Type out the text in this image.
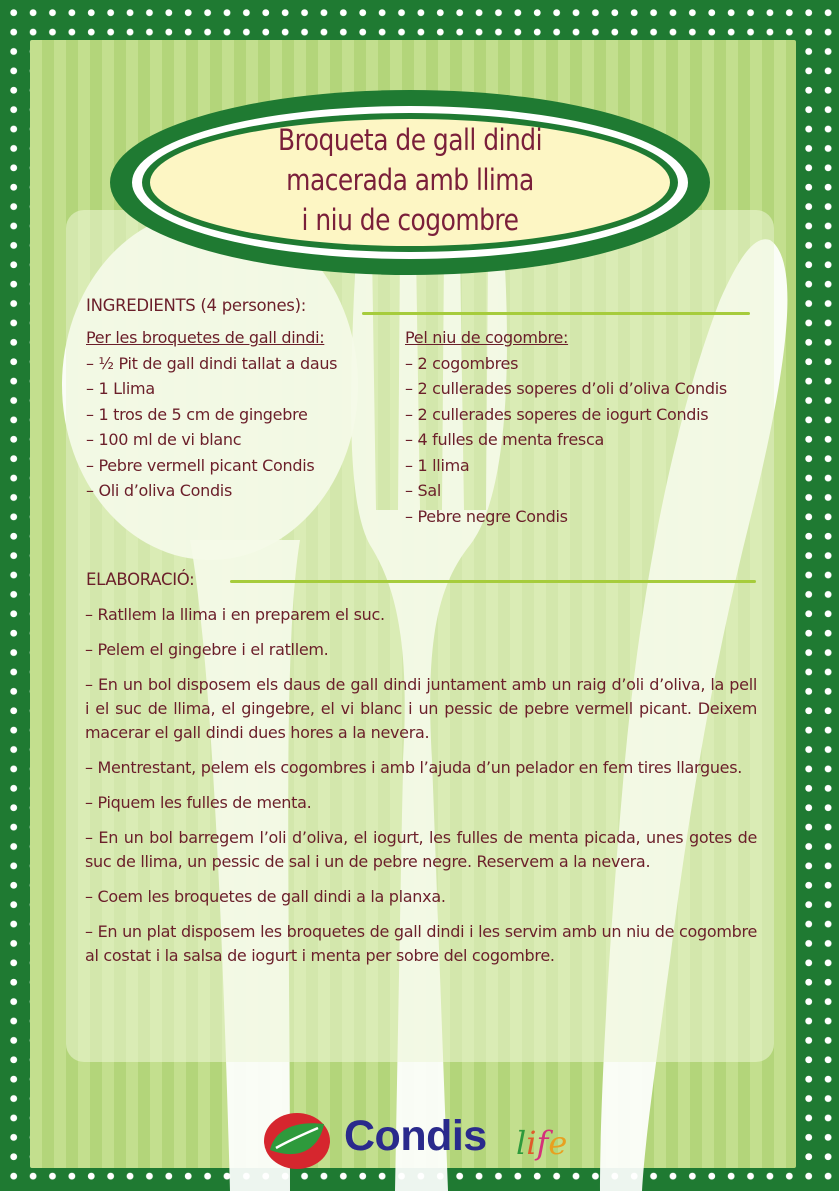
Broqueta de gall dindi
macerada amb llima
i niu de cogombre
INGREDIENTS (4 persones):
Per les broquetes de gall dindi:
– ½ Pit de gall dindi tallat a daus
– 1 Llima
– 1 tros de 5 cm de gingebre
– 100 ml de vi blanc
– Pebre vermell picant Condis
– Oli d’oliva Condis
Pel niu de cogombre:
– 2 cogombres
– 2 cullerades soperes d’oli d’oliva Condis
– 2 cullerades soperes de iogurt Condis
– 4 fulles de menta fresca
– 1 llima
– Sal
– Pebre negre Condis
ELABORACIÓ:

– Ratllem la llima i en preparem el suc.

– Pelem el gingebre i el ratllem.

– En un bol disposem els daus de gall dindi juntament amb un raig d’oli d’oliva, la pell i el suc de llima, el gingebre, el vi blanc i un pessic de pebre vermell picant. Deixem macerar el gall dindi dues hores a la nevera.

– Mentrestant, pelem els cogombres i amb l’ajuda d’un pelador en fem tires llargues.

– Piquem les fulles de menta.

– En un bol barregem l’oli d’oliva, el iogurt, les fulles de menta picada, unes gotes de suc de llima, un pessic de sal i un de pebre negre. Reservem a la nevera.

– Coem les broquetes de gall dindi a la planxa.

– En un plat disposem les broquetes de gall dindi i les servim amb un niu de cogombre al costat i la salsa de iogurt i menta per sobre del cogombre.

Condis life
